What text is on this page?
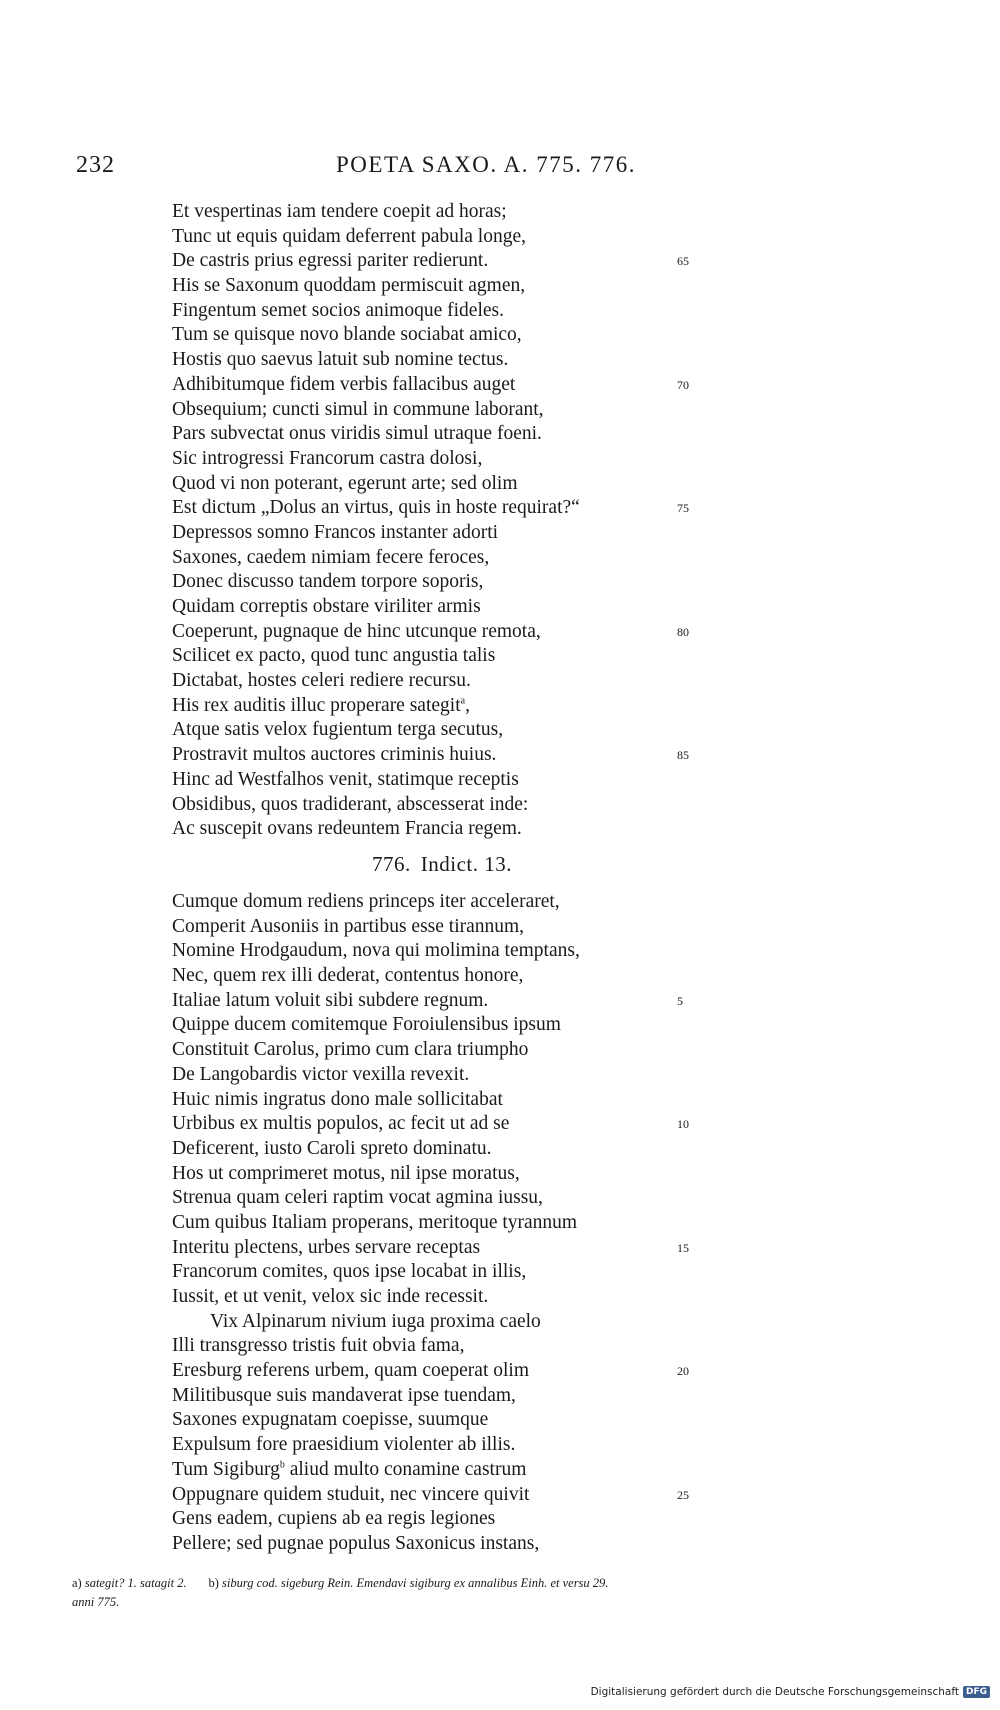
232	POETA SAXO. A. 775. 776.
Et vespertinas iam tendere coepit ad horas;
Tunc ut equis quidam deferrent pabula longe,
De castris prius egressi pariter redierunt.	65
His se Saxonum quoddam permiscuit agmen,
Fingentum semet socios animoque fideles.
Tum se quisque novo blande sociabat amico,
Hostis quo saevus latuit sub nomine tectus.
Adhibitumque fidem verbis fallacibus auget	70
Obsequium; cuncti simul in commune laborant,
Pars subvectat onus viridis simul utraque foeni.
Sic introgressi Francorum castra dolosi,
Quod vi non poterant, egerunt arte; sed olim
Est dictum „Dolus an virtus, quis in hoste requirat?“	75
Depressos somno Francos instanter adorti
Saxones, caedem nimiam fecere feroces,
Donec discusso tandem torpore soporis,
Quidam correptis obstare viriliter armis
Coeperunt, pugnaque de hinc utcunque remota,	80
Scilicet ex pacto, quod tunc angustia talis
Dictabat, hostes celeri rediere recursu.
His rex auditis illuc properare sategit$^a$,
Atque satis velox fugientum terga secutus,
Prostravit multos auctores criminis huius.	85
Hinc ad Westfalhos venit, statimque receptis
Obsidibus, quos tradiderant, abscesserat inde:
Ac suscepit ovans redeuntem Francia regem.
776. Indict. 13.
Cumque domum rediens princeps iter acceleraret,
Comperit Ausoniis in partibus esse tirannum,
Nomine Hrodgaudum, nova qui molimina temptans,
Nec, quem rex illi dederat, contentus honore,
Italiae latum voluit sibi subdere regnum.	5
Quippe ducem comitemque Foroiulensibus ipsum
Constituit Carolus, primo cum clara triumpho
De Langobardis victor vexilla revexit.
Huic nimis ingratus dono male sollicitabat
Urbibus ex multis populos, ac fecit ut ad se	10
Deficerent, iusto Caroli spreto dominatu.
Hos ut comprimeret motus, nil ipse moratus,
Strenua quam celeri raptim vocat agmina iussu,
Cum quibus Italiam properans, meritoque tyrannum
Interitu plectens, urbes servare receptas	15
Francorum comites, quos ipse locabat in illis,
Iussit, et ut venit, velox sic inde recessit.
Vix Alpinarum nivium iuga proxima caelo
Illi transgresso tristis fuit obvia fama,
Eresburg referens urbem, quam coeperat olim	20
Militibusque suis mandaverat ipse tuendam,
Saxones expugnatam coepisse, suumque
Expulsum fore praesidium violenter ab illis.
Tum Sigiburg$^b$ aliud multo conamine castrum
Oppugnare quidem studuit, nec vincere quivit	25
Gens eadem, cupiens ab ea regis legiones
Pellere; sed pugnae populus Saxonicus instans,
a) sategit? 1. satagit 2. b) siburg cod. sigeburg Rein. Emendavi sigiburg ex annalibus Einh. et versu 29.
anni 775.
Digitalisierung gefördert durch die Deutsche Forschungsgemeinschaft DFG
